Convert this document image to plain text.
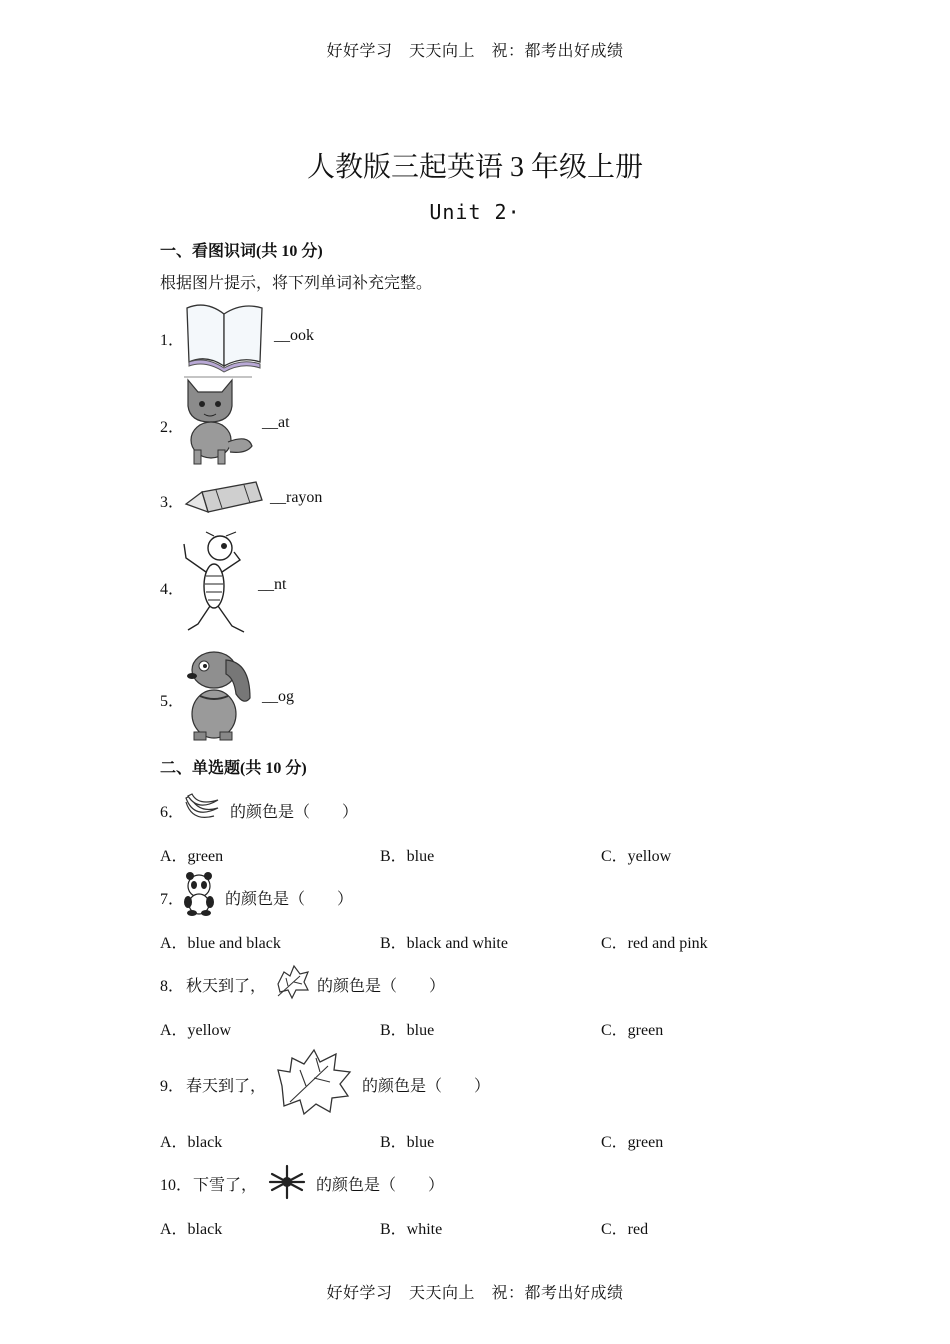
好好学习　天天向上　祝：都考出好成绩
人教版三起英语 3 年级上册
Unit 2·
一、看图识词(共 10 分)
根据图片提示，将下列单词补充完整。
1．	__ook
2．	__at
3．	__rayon
4．	__nt
5．	__og
二、单选题(共 10 分)
6．	的颜色是（　　）
A．green	B．blue	C．yellow
7．	的颜色是（　　）
A．blue and black	B．black and white	C．red and pink
8． 秋天到了，	的颜色是（　　）
A．yellow	B．blue	C．green
9． 春天到了，	的颜色是（　　）
A．black	B．blue	C．green
10． 下雪了，	的颜色是（　　）
A．black	B．white	C．red
好好学习　天天向上　祝：都考出好成绩
